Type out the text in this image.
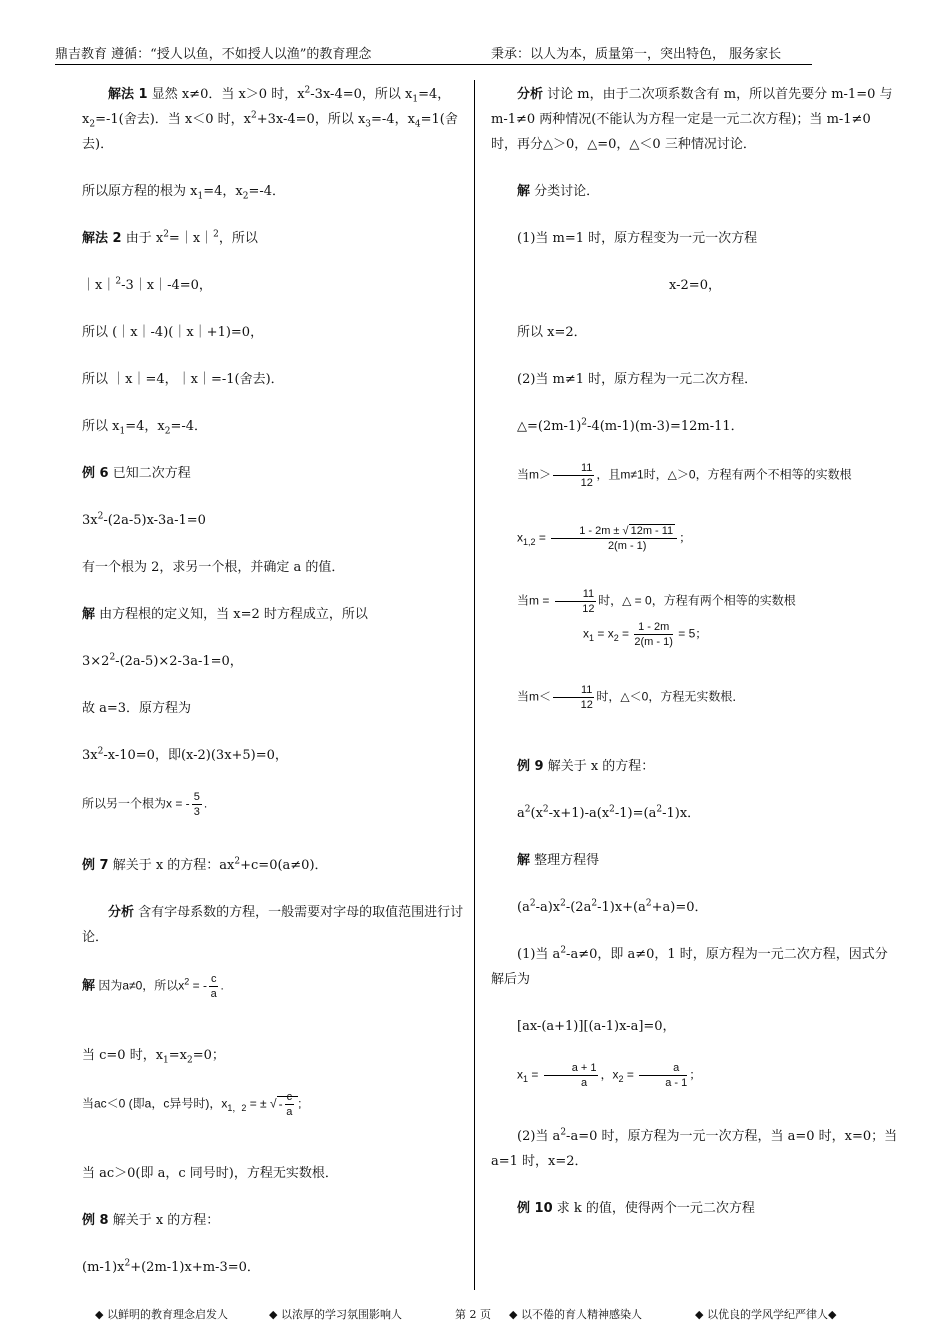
鼎吉教育 遵循：“授人以鱼，不如授人以渔”的教育理念	秉承：以人为本，质量第一，突出特色， 服务家长

解法 1 显然 x≠0．当 x＞0 时，$x^2-3x-4=0$，所以 $x_1=4$，$x_2=-1$(舍去)．当 x＜0 时，$x^2+3x-4=0$，所以 $x_3=-4$，$x_4=1$(舍去)．

所以原方程的根为 $x_1=4$，$x_2=-4$．

解法 2 由于 $x^2=|x|^2$，所以

｜x｜$^2$-3｜x｜-4=0，

所以 (｜x｜-4)(｜x｜+1)=0，

所以 ｜x｜=4，｜x｜=-1(舍去)．

所以 $x_1=4$，$x_2=-4$．

例 6 已知二次方程

$3x^2-(2a-5)x-3a-1=0$

有一个根为 2，求另一个根，并确定 a 的值．

解 由方程根的定义知，当 x=2 时方程成立，所以

$3\times 2^2-(2a-5)\times 2-3a-1=0$，

故 a=3．原方程为

$3x^2-x-10=0$，即(x-2)(3x+5)=0，

所以另一个根为x = - $\frac{5}{3}$ .

例 7 解关于 x 的方程：$ax^2+c=0(a\ne 0)$．

分析 含有字母系数的方程，一般需要对字母的取值范围进行讨论．

解 因为a≠0，所以$x^2$ = - $\frac{c}{a}$ .

当 c=0 时，$x_1=x_2=0$；

当ac＜0 (即a，c异号时)，$x_{1,2}$ = ± √ - $\frac{c}{a}$ ;

当 ac＞0(即 a，c 同号时)，方程无实数根．

例 8 解关于 x 的方程：

$(m-1)x^2+(2m-1)x+m-3=0$．

分析 讨论 m，由于二次项系数含有 m，所以首先要分 m-1=0 与 m-1≠0 两种情况(不能认为方程一定是一元二次方程)；当 m-1≠0 时，再分△＞0，△=0，△＜0 三种情况讨论．

解 分类讨论．

(1)当 m=1 时，原方程变为一元一次方程

x-2=0，

所以 x=2．

(2)当 m≠1 时，原方程为一元二次方程．

$\triangle=(2m-1)^2-4(m-1)(m-3)=12m-11$．

当$m> \frac{11}{12}$ ，且m≠1时，△＞0，方程有两个不相等的实数根

$x_{1,2} = \frac{1 - 2m \pm √ 12m - 11}{2(m - 1)}$ ；

当$m = \frac{11}{12}$ 时，△ = 0，方程有两个相等的实数根

$x_1 = x_2 = \frac{1 - 2m}{2(m - 1)} = 5$；

当$m< \frac{11}{12}$ 时，△＜0，方程无实数根．

例 9 解关于 x 的方程：

$a^2(x^2-x+1)-a(x^2-1)=(a^2-1)x$．

解 整理方程得

$(a^2-a)x^2-(2a^2-1)x+(a^2+a)=0$．

(1)当 $a^2-a\ne 0$，即 a≠0，1 时，原方程为一元二次方程，因式分解后为

[ax-(a+1)][(a-1)x-a]=0，

$x_1 = \frac{a + 1}{a}$ ，$x_2 = \frac{a}{a - 1}$ ；

(2)当 $a^2-a=0$ 时，原方程为一元一次方程，当 a=0 时，x=0；当 a=1 时，x=2．

例 10 求 k 的值，使得两个一元二次方程

◆ 以鲜明的教育理念启发人	◆ 以浓厚的学习氛围影响人	第 2 页 ◆ 以不倦的育人精神感染人	◆ 以优良的学风学纪严律人◆
